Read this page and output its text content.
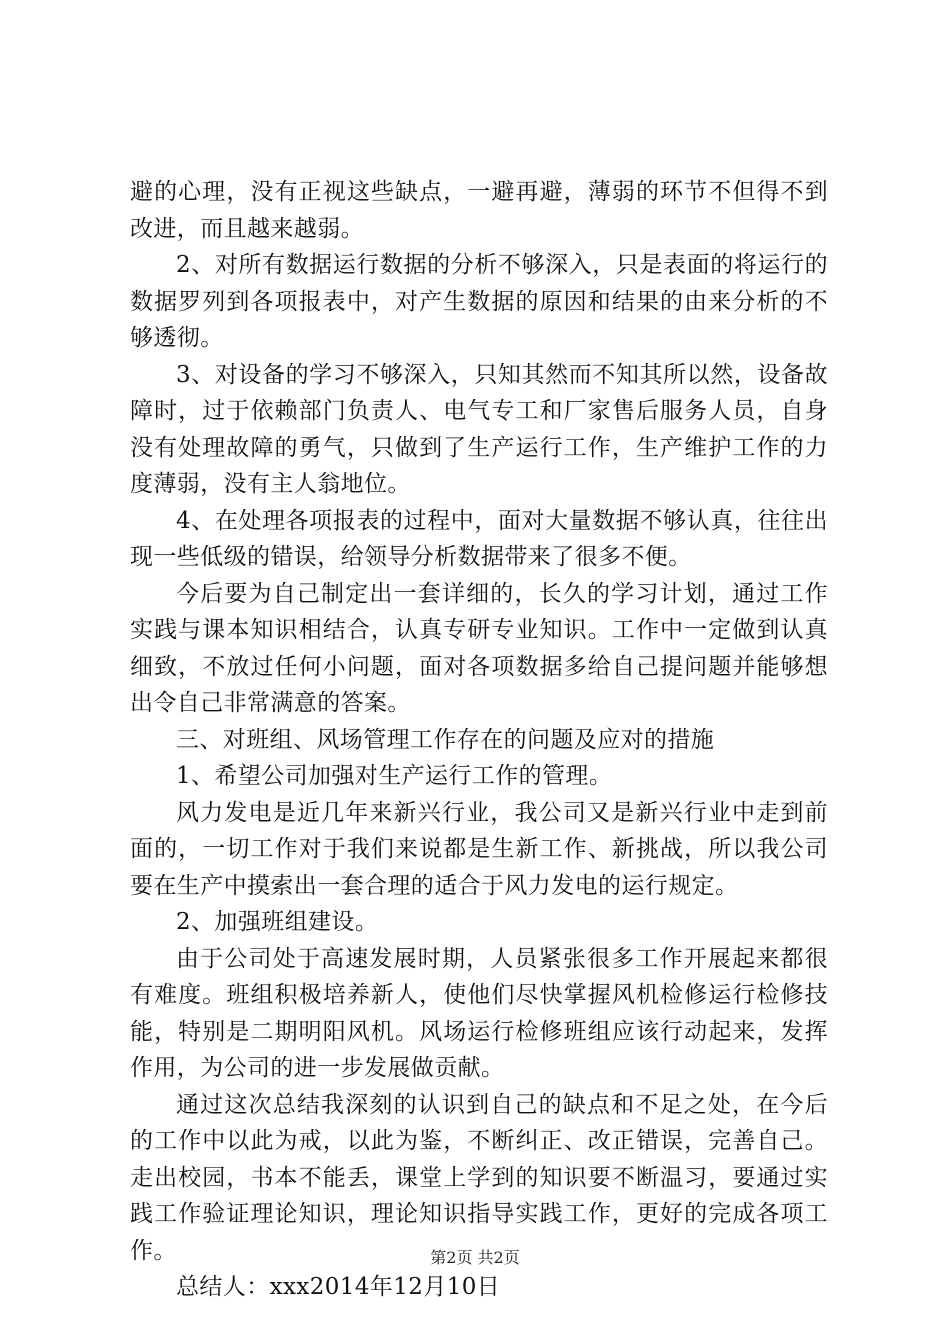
避的心理，没有正视这些缺点，一避再避，薄弱的环节不但得不到改进，而且越来越弱。

2、对所有数据运行数据的分析不够深入，只是表面的将运行的数据罗列到各项报表中，对产生数据的原因和结果的由来分析的不够透彻。

3、对设备的学习不够深入，只知其然而不知其所以然，设备故障时，过于依赖部门负责人、电气专工和厂家售后服务人员，自身没有处理故障的勇气，只做到了生产运行工作，生产维护工作的力度薄弱，没有主人翁地位。

4、在处理各项报表的过程中，面对大量数据不够认真，往往出现一些低级的错误，给领导分析数据带来了很多不便。

今后要为自己制定出一套详细的，长久的学习计划，通过工作实践与课本知识相结合，认真专研专业知识。工作中一定做到认真细致，不放过任何小问题，面对各项数据多给自己提问题并能够想出令自己非常满意的答案。

三、对班组、风场管理工作存在的问题及应对的措施

1、希望公司加强对生产运行工作的管理。

风力发电是近几年来新兴行业，我公司又是新兴行业中走到前面的，一切工作对于我们来说都是生新工作、新挑战，所以我公司要在生产中摸索出一套合理的适合于风力发电的运行规定。

2、加强班组建设。

由于公司处于高速发展时期，人员紧张很多工作开展起来都很有难度。班组积极培养新人，使他们尽快掌握风机检修运行检修技能，特别是二期明阳风机。风场运行检修班组应该行动起来，发挥作用，为公司的进一步发展做贡献。

通过这次总结我深刻的认识到自己的缺点和不足之处，在今后的工作中以此为戒，以此为鉴，不断纠正、改正错误，完善自己。走出校园，书本不能丢，课堂上学到的知识要不断温习，要通过实践工作验证理论知识，理论知识指导实践工作，更好的完成各项工作。

总结人：xxx2014年12月10日

第2页 共2页
